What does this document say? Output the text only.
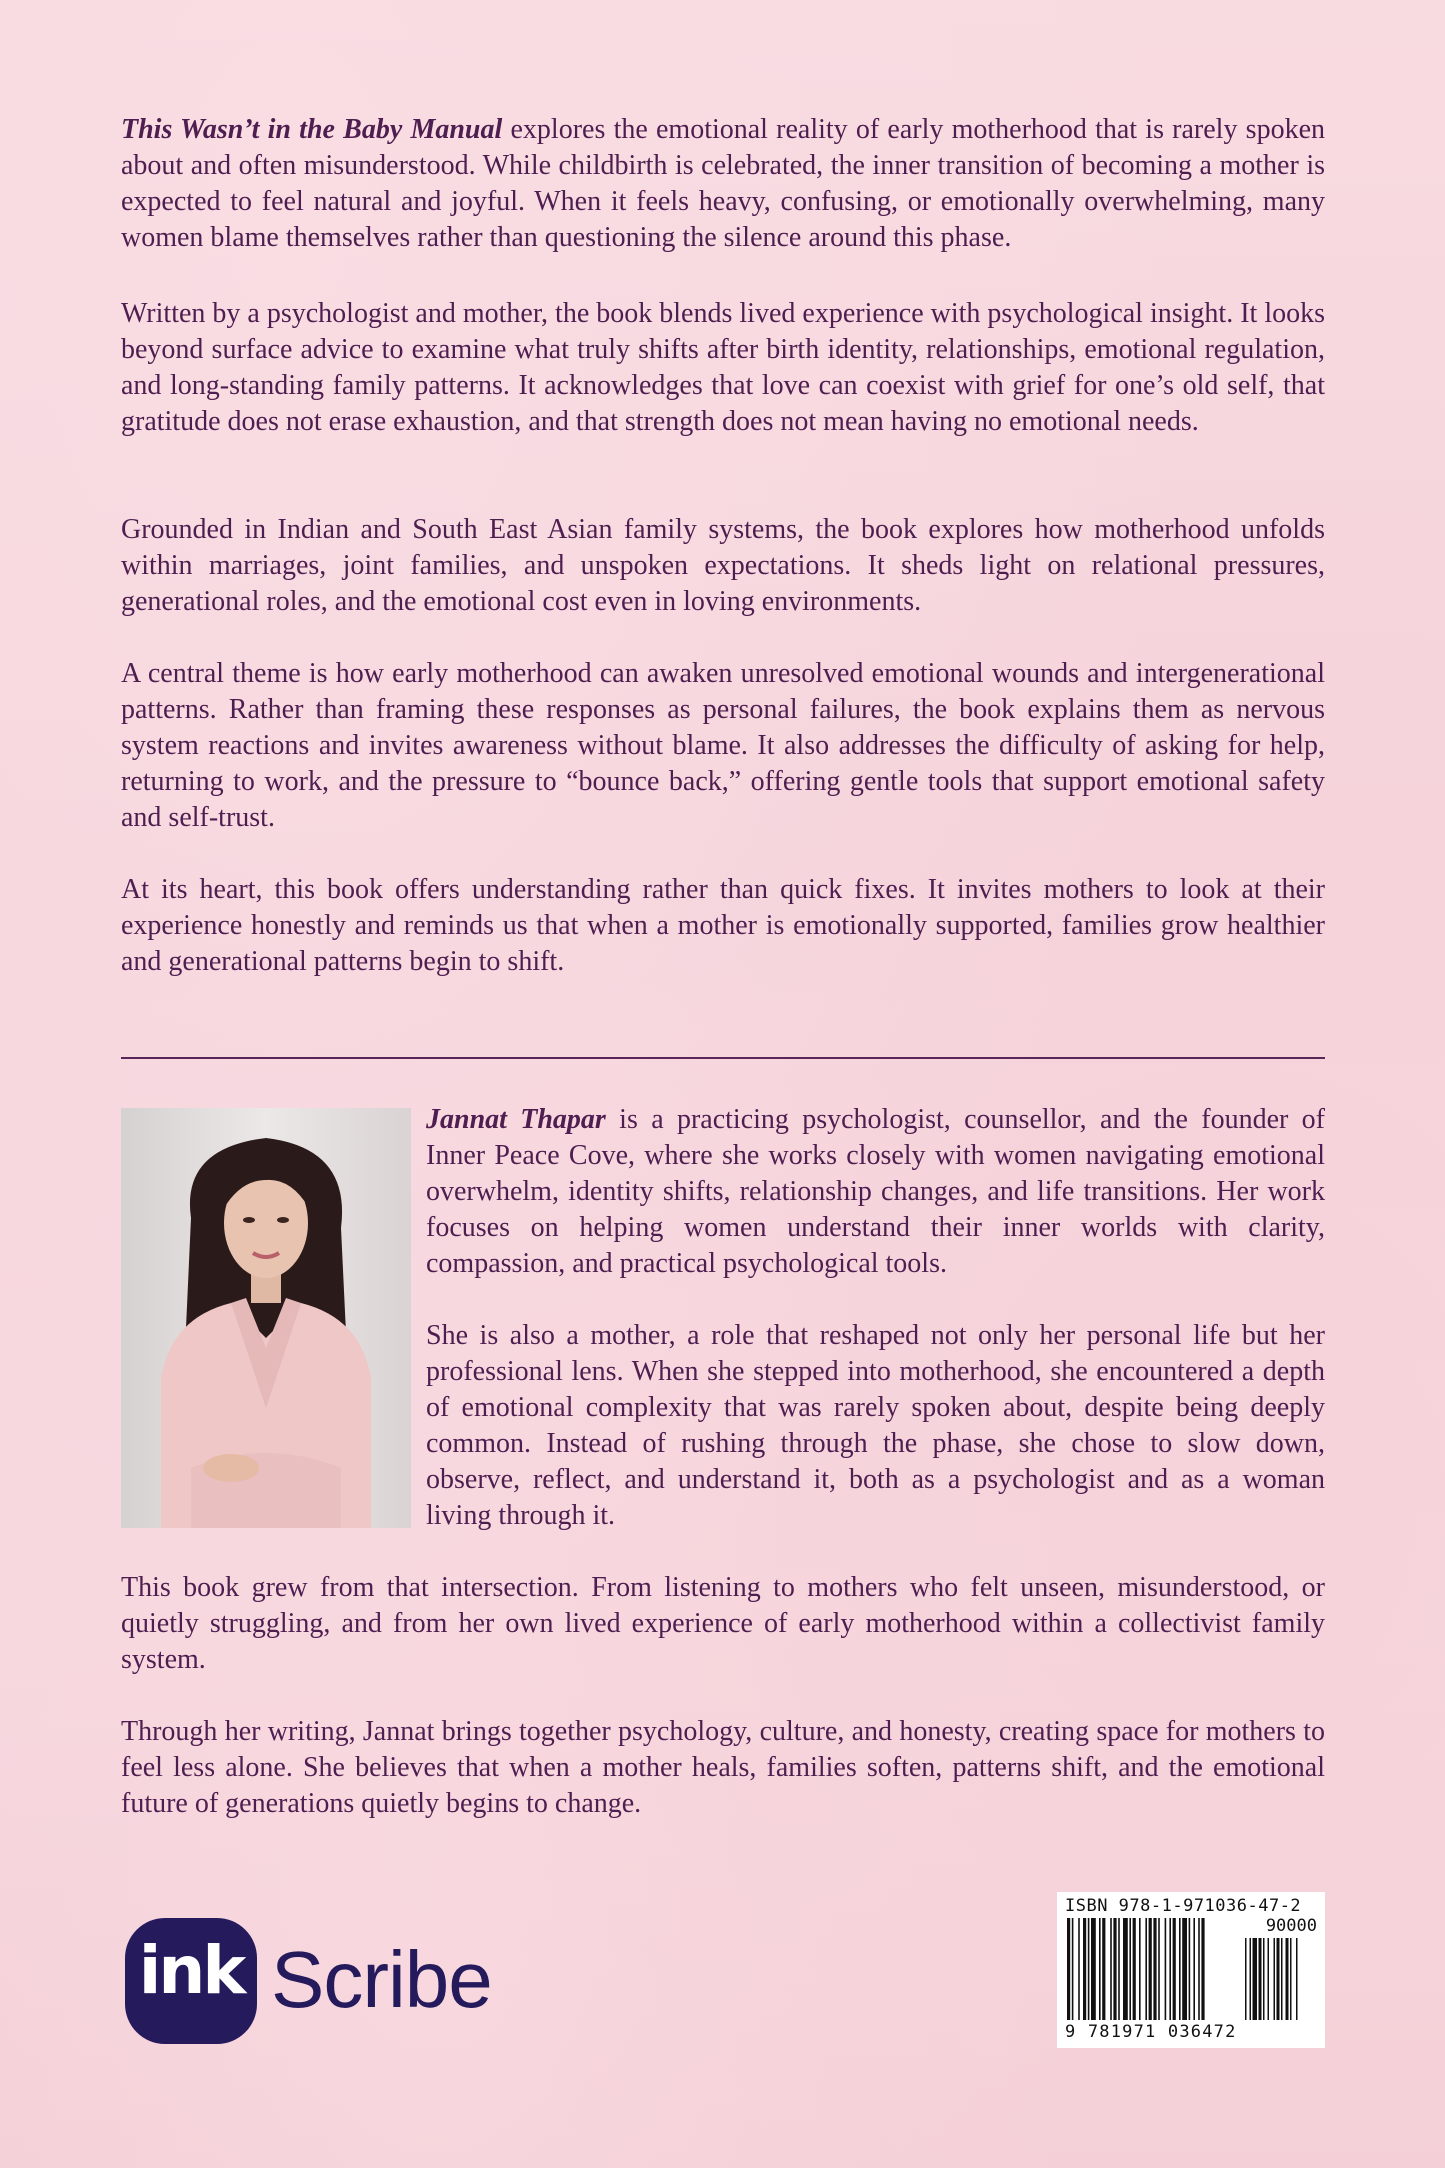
This Wasn’t in the Baby Manual explores the emotional reality of early motherhood that is rarely spoken about and often misunderstood. While childbirth is celebrated, the inner transition of becoming a mother is expected to feel natural and joyful. When it feels heavy, confusing, or emotionally overwhelming, many women blame themselves rather than questioning the silence around this phase.

Written by a psychologist and mother, the book blends lived experience with psychological insight. It looks beyond surface advice to examine what truly shifts after birth identity, relationships, emotional regulation, and long-standing family patterns. It acknowledges that love can coexist with grief for one’s old self, that gratitude does not erase exhaustion, and that strength does not mean having no emotional needs.

Grounded in Indian and South East Asian family systems, the book explores how motherhood unfolds within marriages, joint families, and unspoken expectations. It sheds light on relational pressures, generational roles, and the emotional cost even in loving environments.

A central theme is how early motherhood can awaken unresolved emotional wounds and intergenerational patterns. Rather than framing these responses as personal failures, the book explains them as nervous system reactions and invites awareness without blame. It also addresses the difficulty of asking for help, returning to work, and the pressure to “bounce back,” offering gentle tools that support emotional safety and self-trust.

At its heart, this book offers understanding rather than quick fixes. It invites mothers to look at their experience honestly and reminds us that when a mother is emotionally supported, families grow healthier and generational patterns begin to shift.

Jannat Thapar is a practicing psychologist, counsellor, and the founder of Inner Peace Cove, where she works closely with women navigating emotional overwhelm, identity shifts, relationship changes, and life transitions. Her work focuses on helping women understand their inner worlds with clarity, compassion, and practical psychological tools.

She is also a mother, a role that reshaped not only her personal life but her professional lens. When she stepped into motherhood, she encountered a depth of emotional complexity that was rarely spoken about, despite being deeply common. Instead of rushing through the phase, she chose to slow down, observe, reflect, and understand it, both as a psychologist and as a woman living through it.

This book grew from that intersection. From listening to mothers who felt unseen, misunderstood, or quietly struggling, and from her own lived experience of early motherhood within a collectivist family system.

Through her writing, Jannat brings together psychology, culture, and honesty, creating space for mothers to feel less alone. She believes that when a mother heals, families soften, patterns shift, and the emotional future of generations quietly begins to change.

ink Scribe
ISBN 978-1-971036-47-2
90000
9 781971 036472
